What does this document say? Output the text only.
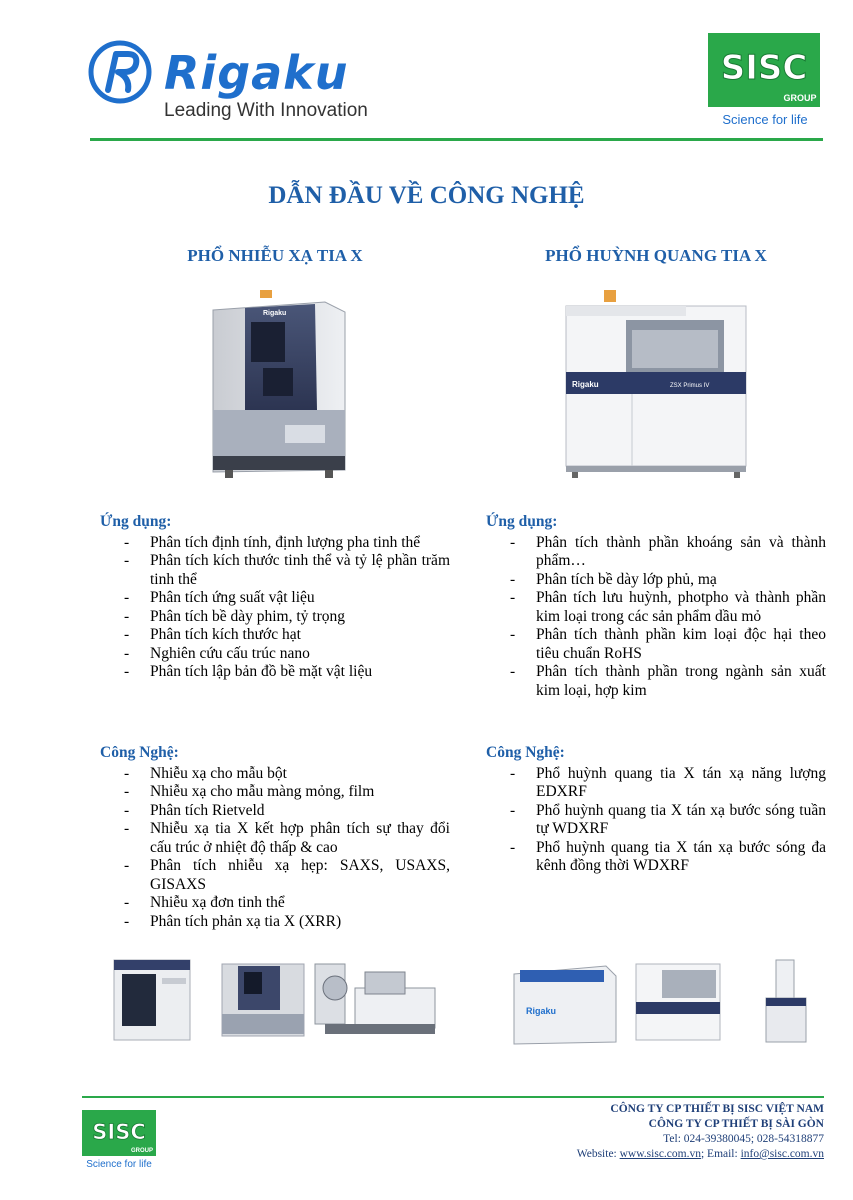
Rigaku
Leading With Innovation
SISC
GROUP
Science for life
DẪN ĐẦU VỀ CÔNG NGHỆ
PHỔ NHIỄU XẠ TIA X	PHỔ HUỲNH QUANG TIA X
Rigaku
Rigaku	ZSX Primus IV
Ứng dụng:
- Phân tích định tính, định lượng pha tinh thể
- Phân tích kích thước tinh thể và tỷ lệ phần trăm tinh thể
- Phân tích ứng suất vật liệu
- Phân tích bề dày phim, tỷ trọng
- Phân tích kích thước hạt
- Nghiên cứu cấu trúc nano
- Phân tích lập bản đồ bề mặt vật liệu
Công Nghệ:
- Nhiễu xạ cho mẫu bột
- Nhiễu xạ cho mẫu màng mỏng, film
- Phân tích Rietveld
- Nhiễu xạ tia X kết hợp phân tích sự thay đổi cấu trúc ở nhiệt độ thấp & cao
- Phân tích nhiễu xạ hẹp: SAXS, USAXS, GISAXS
- Nhiễu xạ đơn tinh thể
- Phân tích phản xạ tia X (XRR)
Ứng dụng:
- Phân tích thành phần khoáng sản và thành phẩm…
- Phân tích bề dày lớp phủ, mạ
- Phân tích lưu huỳnh, photpho và thành phần kim loại trong các sản phẩm dầu mỏ
- Phân tích thành phần kim loại độc hại theo tiêu chuẩn RoHS
- Phân tích thành phần trong ngành sản xuất kim loại, hợp kim
Công Nghệ:
- Phổ huỳnh quang tia X tán xạ năng lượng EDXRF
- Phổ huỳnh quang tia X tán xạ bước sóng tuần tự WDXRF
- Phổ huỳnh quang tia X tán xạ bước sóng đa kênh đồng thời WDXRF
Rigaku
SISC
GROUP
Science for life
CÔNG TY CP THIẾT BỊ SISC VIỆT NAM
CÔNG TY CP THIẾT BỊ SÀI GÒN
Tel: 024-39380045; 028-54318877
Website: www.sisc.com.vn; Email: info@sisc.com.vn
